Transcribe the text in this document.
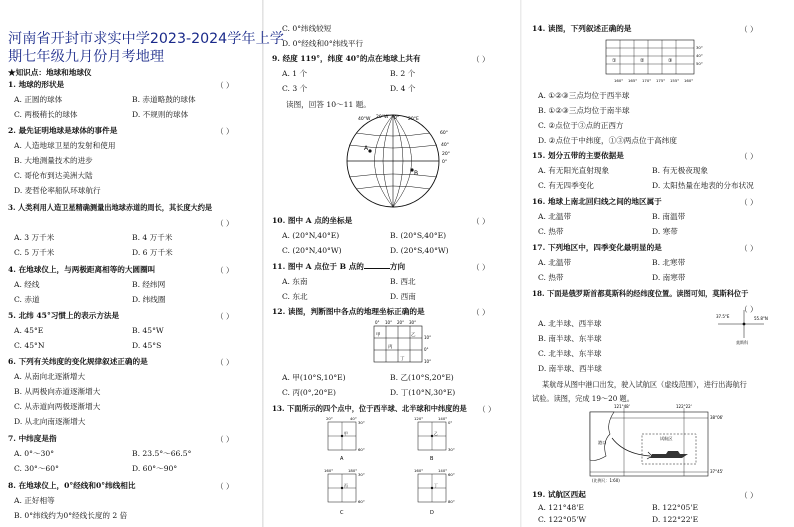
河南省开封市求实中学2023-2024学年上学
期七年级九月份月考地理
★知识点：地球和地球仪
1. 地球的形状是	（ ）
A. 正圆的球体	B. 赤道略鼓的球体
C. 两极稍长的球体	D. 不规则的球体
2. 最先证明地球是球体的事件是	（ ）
A. 人造地球卫星的发射和使用
B. 大地测量技术的进步
C. 哥伦布到达美洲大陆
D. 麦哲伦率船队环球航行
3. 人类利用人造卫星精确测量出地球赤道的周长，其长度大约是
（ ）
A. 3 万千米	B. 4 万千米
C. 5 万千米	D. 6 万千米
4. 在地球仪上，与两极距离相等的大圆圈叫	（ ）
A. 经线	B. 经纬网
C. 赤道	D. 纬线圈
5. 北纬 45°习惯上的表示方法是	（ ）
A. 45°E	B. 45°W
C. 45°N	D. 45°S
6. 下列有关纬度的变化规律叙述正确的是	（ ）
A. 从南向北逐渐增大
B. 从两极向赤道逐渐增大
C. 从赤道向两极逐渐增大
D. 从北向南逐渐增大
7. 中纬度是指	（ ）
A. 0°～30°	B. 23.5°～66.5°
C. 30°～60°	D. 60°～90°
8. 在地球仪上，0°经线和0°纬线相比	（ ）
A. 正好相等
B. 0°纬线约为0°经线长度的 2 倍
C. 0°纬线较短
D. 0°经线和0°纬线平行
9. 经度 119°，纬度 40°的点在地球上共有	（ ）
A. 1 个	B. 2 个
C. 3 个	D. 4 个
读图，回答 10～11 题。
A
B
40°W 20°W 0° 20°E
60°
40°
20°
0°
10. 图中 A 点的坐标是	（ ）
A. (20°N,40°E)	B. (20°S,40°E)
C. (20°N,40°W)	D. (20°S,40°W)
11. 图中 A 点位于 B 点的	方向	（ ）
A. 东南	B. 西北
C. 东北	D. 西南
12. 读图，判断图中各点的地理坐标正确的是	（ ）
0° 10° 20° 30°
10°
0°
10°
甲	乙
丙
丁
A. 甲(10°S,10°E)	B. 乙(10°S,20°E)
C. 丙(0°,20°E)	D. 丁(10°N,30°E)
13. 下面所示的四个点中，位于西半球、北半球和中纬度的是 （ ）
20°	40°
30°
60°
甲
A
120°	140°
0°
30°
乙
B
160°	180°
30°
60°
丙
C
160°	140°
60°
80°
丁
D
14. 读图，下列叙述正确的是	（ ）
①	②	③
160° 165° 170° 175° 155° 160°
30°
40°
50°
A. ①②③三点均位于西半球
B. ①②③三点均位于南半球
C. ②点位于③点的正西方
D. ②点位于中纬度，①③两点位于高纬度
15. 划分五带的主要依据是	（ ）
A. 有无阳光直射现象	B. 有无极夜现象
C. 有无四季变化	D. 太阳热量在地表的分布状况
16. 地球上南北回归线之间的地区属于	（ ）
A. 北温带	B. 南温带
C. 热带	D. 寒带
17. 下列地区中，四季变化最明显的是	（ ）
A. 北温带	B. 北寒带
C. 热带	D. 南寒带
18. 下面是俄罗斯首都莫斯科的经纬度位置。读图可知，莫斯科位于
（ ）
A. 北半球、西半球
B. 南半球、东半球
C. 北半球、东半球
D. 南半球、西半球
37.5°E	55.8°N
莫斯科
某航母从图中港口出发，驶入试航区（虚线范围），进行出海航行
试验。读图，完成 19～20 题。
试航区
港口
121°48'	122°22'
38°06'
37°45'
(比例尺：1∶60)
19. 试航区西起	（ ）
A. 121°48'E	B. 122°05'E
C. 122°05'W	D. 122°22'E
